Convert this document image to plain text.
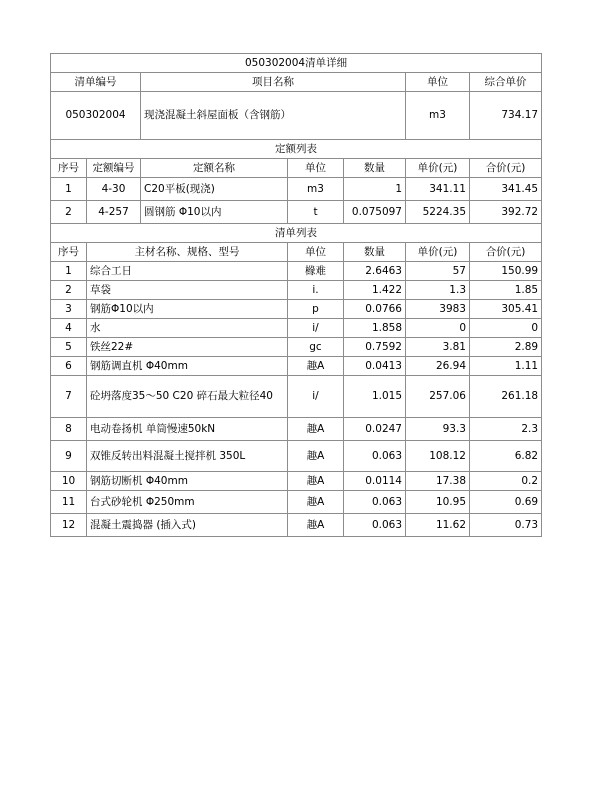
050302004清单详细						
清单编号		项目名称			单位	综合单价
050302004		现浇混凝土斜屋面板（含钢筋）			m3	734.17
定额列表						
序号	定额编号	定额名称	单位	数量	单价(元)	合价(元)
1	4-30	C20平板(现浇)	m3	1	341.11	341.45
2	4-257	圆钢筋 Φ10以内	t	0.075097	5224.35	392.72
清单列表						
序号	主材名称、规格、型号		单位	数量	单价(元)	合价(元)
1	综合工日		橼难	2.6463	57	150.99
2	草袋		i.	1.422	1.3	1.85
3	钢筋Φ10以内		p	0.0766	3983	305.41
4	水		i/	1.858	0	0
5	铁丝22#		gc	0.7592	3.81	2.89
6	钢筋调直机 Φ40mm		趣A	0.0413	26.94	1.11
7	砼坍落度35～50 C20 碎石最大粒径40		i/	1.015	257.06	261.18
8	电动卷扬机 单筒慢速50kN		趣A	0.0247	93.3	2.3
9	双锥反转出料混凝土搅拌机 350L		趣A	0.063	108.12	6.82
10	钢筋切断机 Φ40mm		趣A	0.0114	17.38	0.2
11	台式砂轮机 Φ250mm		趣A	0.063	10.95	0.69
12	混凝土震捣器 (插入式)		趣A	0.063	11.62	0.73
